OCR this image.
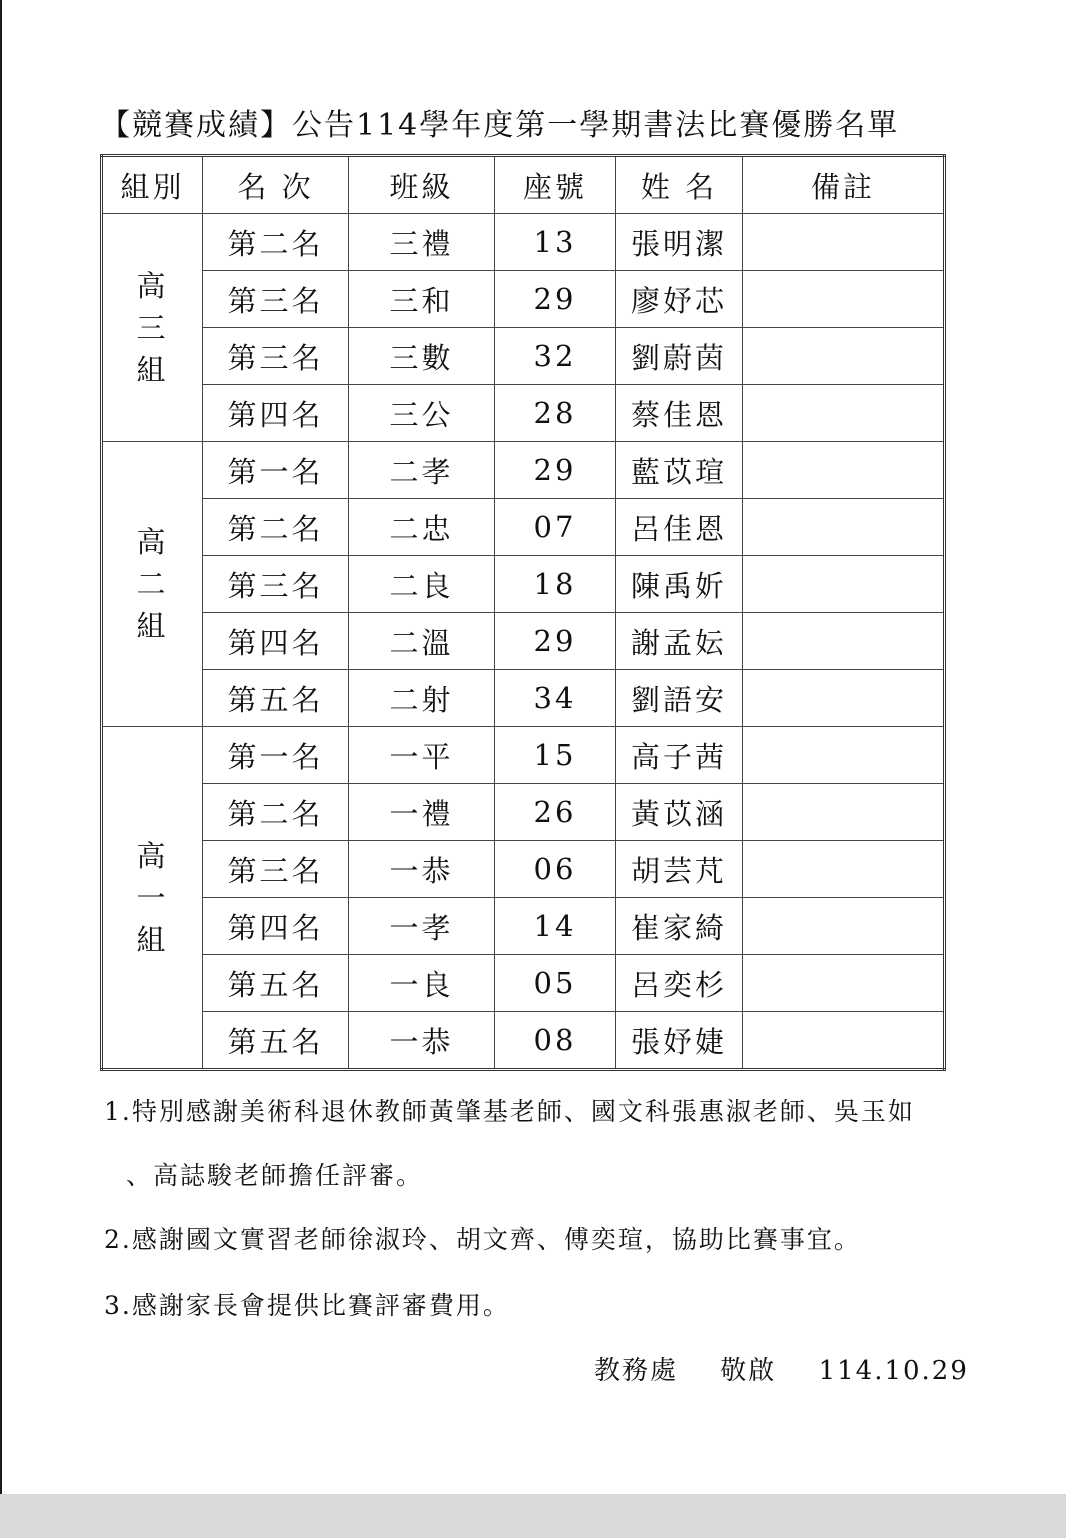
【競賽成績】公告114學年度第一學期書法比賽優勝名單
組別	名 次	班級	座號	姓 名	備註

高
三
組	第二名	三禮	13	張明潔	
	第三名	三和	29	廖妤芯	
	第三名	三數	32	劉蔚茵	
	第四名	三公	28	蔡佳恩	

高
二
組	第一名	二孝	29	藍苡瑄	
	第二名	二忠	07	呂佳恩	
	第三名	二良	18	陳禹妡	
	第四名	二溫	29	謝孟妘	
	第五名	二射	34	劉語安	

高
一
組	第一名	一平	15	高子茜	
	第二名	一禮	26	黃苡涵	
	第三名	一恭	06	胡芸芃	
	第四名	一孝	14	崔家綺	
	第五名	一良	05	呂奕杉	
	第五名	一恭	08	張妤婕	

1.特別感謝美術科退休教師黃肇基老師、國文科張惠淑老師、吳玉如

、高誌駿老師擔任評審。

2.感謝國文實習老師徐淑玲、胡文齊、傅奕瑄，協助比賽事宜。

3.感謝家長會提供比賽評審費用。

教務處 敬啟 114.10.29
